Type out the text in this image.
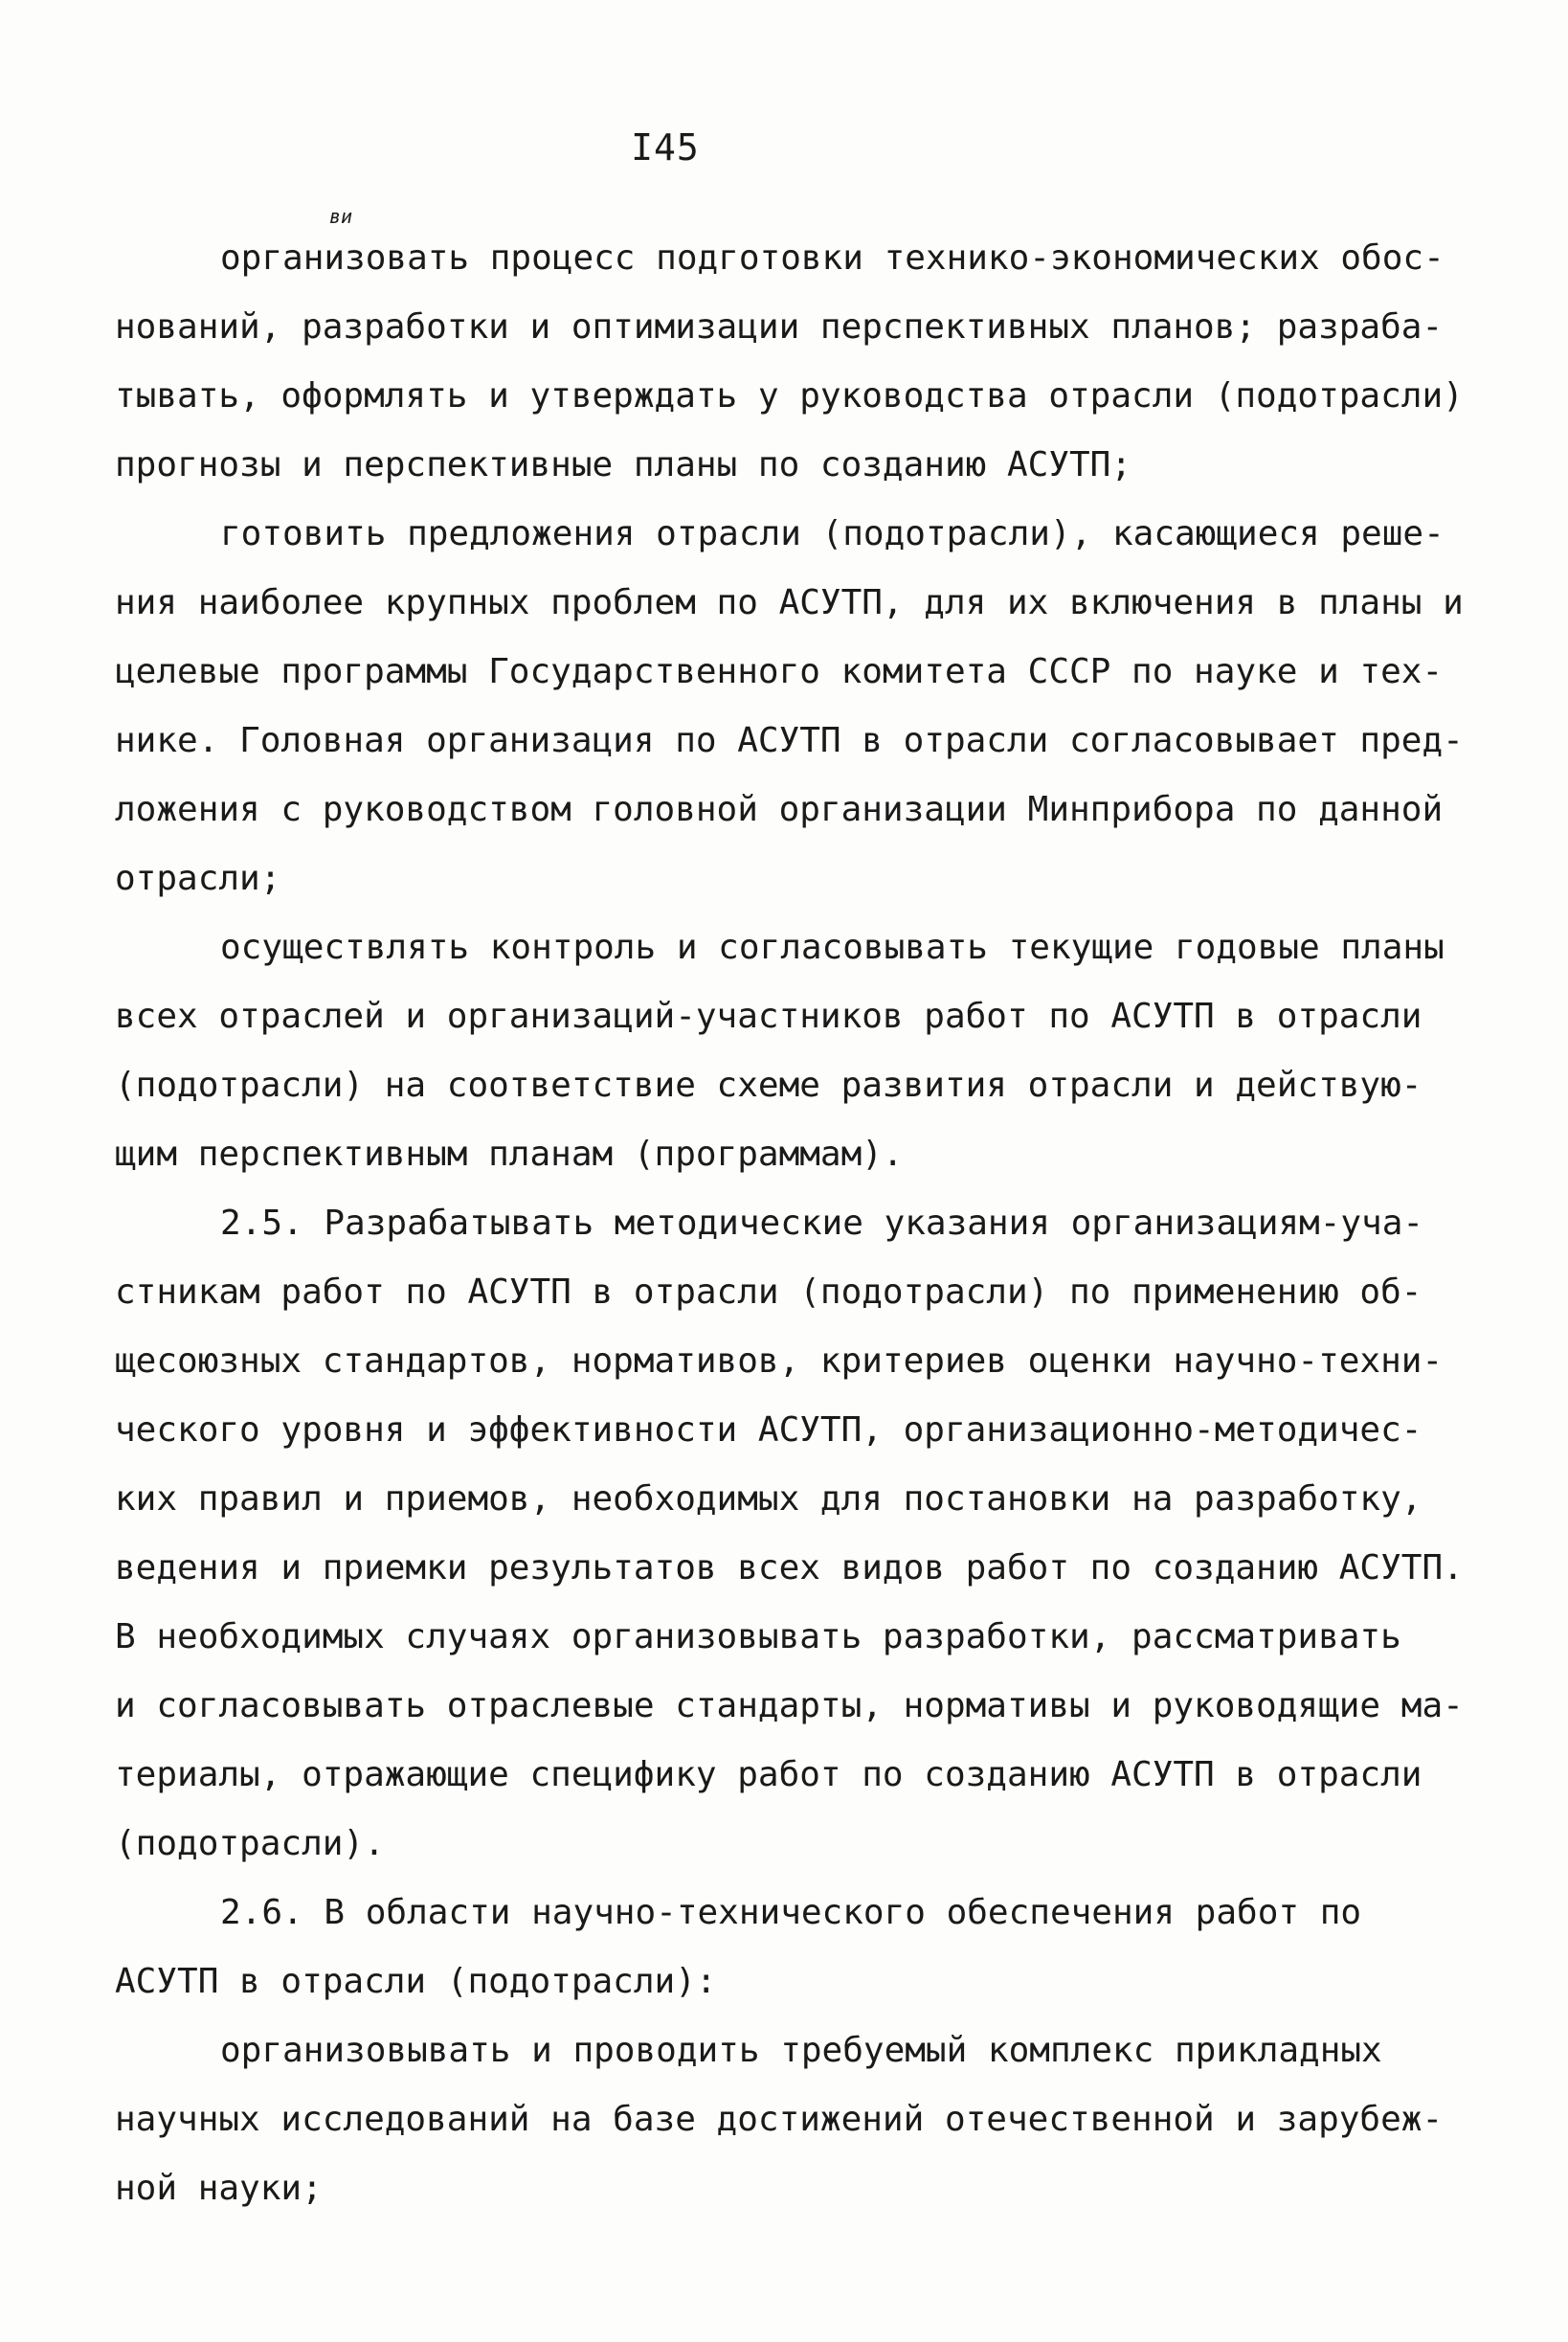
I45
ви

организовать процесс подготовки технико-экономических обос-
нований, разработки и оптимизации перспективных планов; разраба-
тывать, оформлять и утверждать у руководства отрасли (подотрасли)
прогнозы и перспективные планы по созданию АСУТП;

готовить предложения отрасли (подотрасли), касающиеся реше-
ния наиболее крупных проблем по АСУТП, для их включения в планы и
целевые программы Государственного комитета СССР по науке и тех-
нике. Головная организация по АСУТП в отрасли согласовывает пред-
ложения с руководством головной организации Минприбора по данной
отрасли;

осуществлять контроль и согласовывать текущие годовые планы
всех отраслей и организаций-участников работ по АСУТП в отрасли
(подотрасли) на соответствие схеме развития отрасли и действую-
щим перспективным планам (программам).

2.5. Разрабатывать методические указания организациям-уча-
стникам работ по АСУТП в отрасли (подотрасли) по применению об-
щесоюзных стандартов, нормативов, критериев оценки научно-техни-
ческого уровня и эффективности АСУТП, организационно-методичес-
ких правил и приемов, необходимых для постановки на разработку,
ведения и приемки результатов всех видов работ по созданию АСУТП.
В необходимых случаях организовывать разработки, рассматривать
и согласовывать отраслевые стандарты, нормативы и руководящие ма-
териалы, отражающие специфику работ по созданию АСУТП в отрасли
(подотрасли).

2.6. В области научно-технического обеспечения работ по
АСУТП в отрасли (подотрасли):

организовывать и проводить требуемый комплекс прикладных
научных исследований на базе достижений отечественной и зарубеж-
ной науки;
